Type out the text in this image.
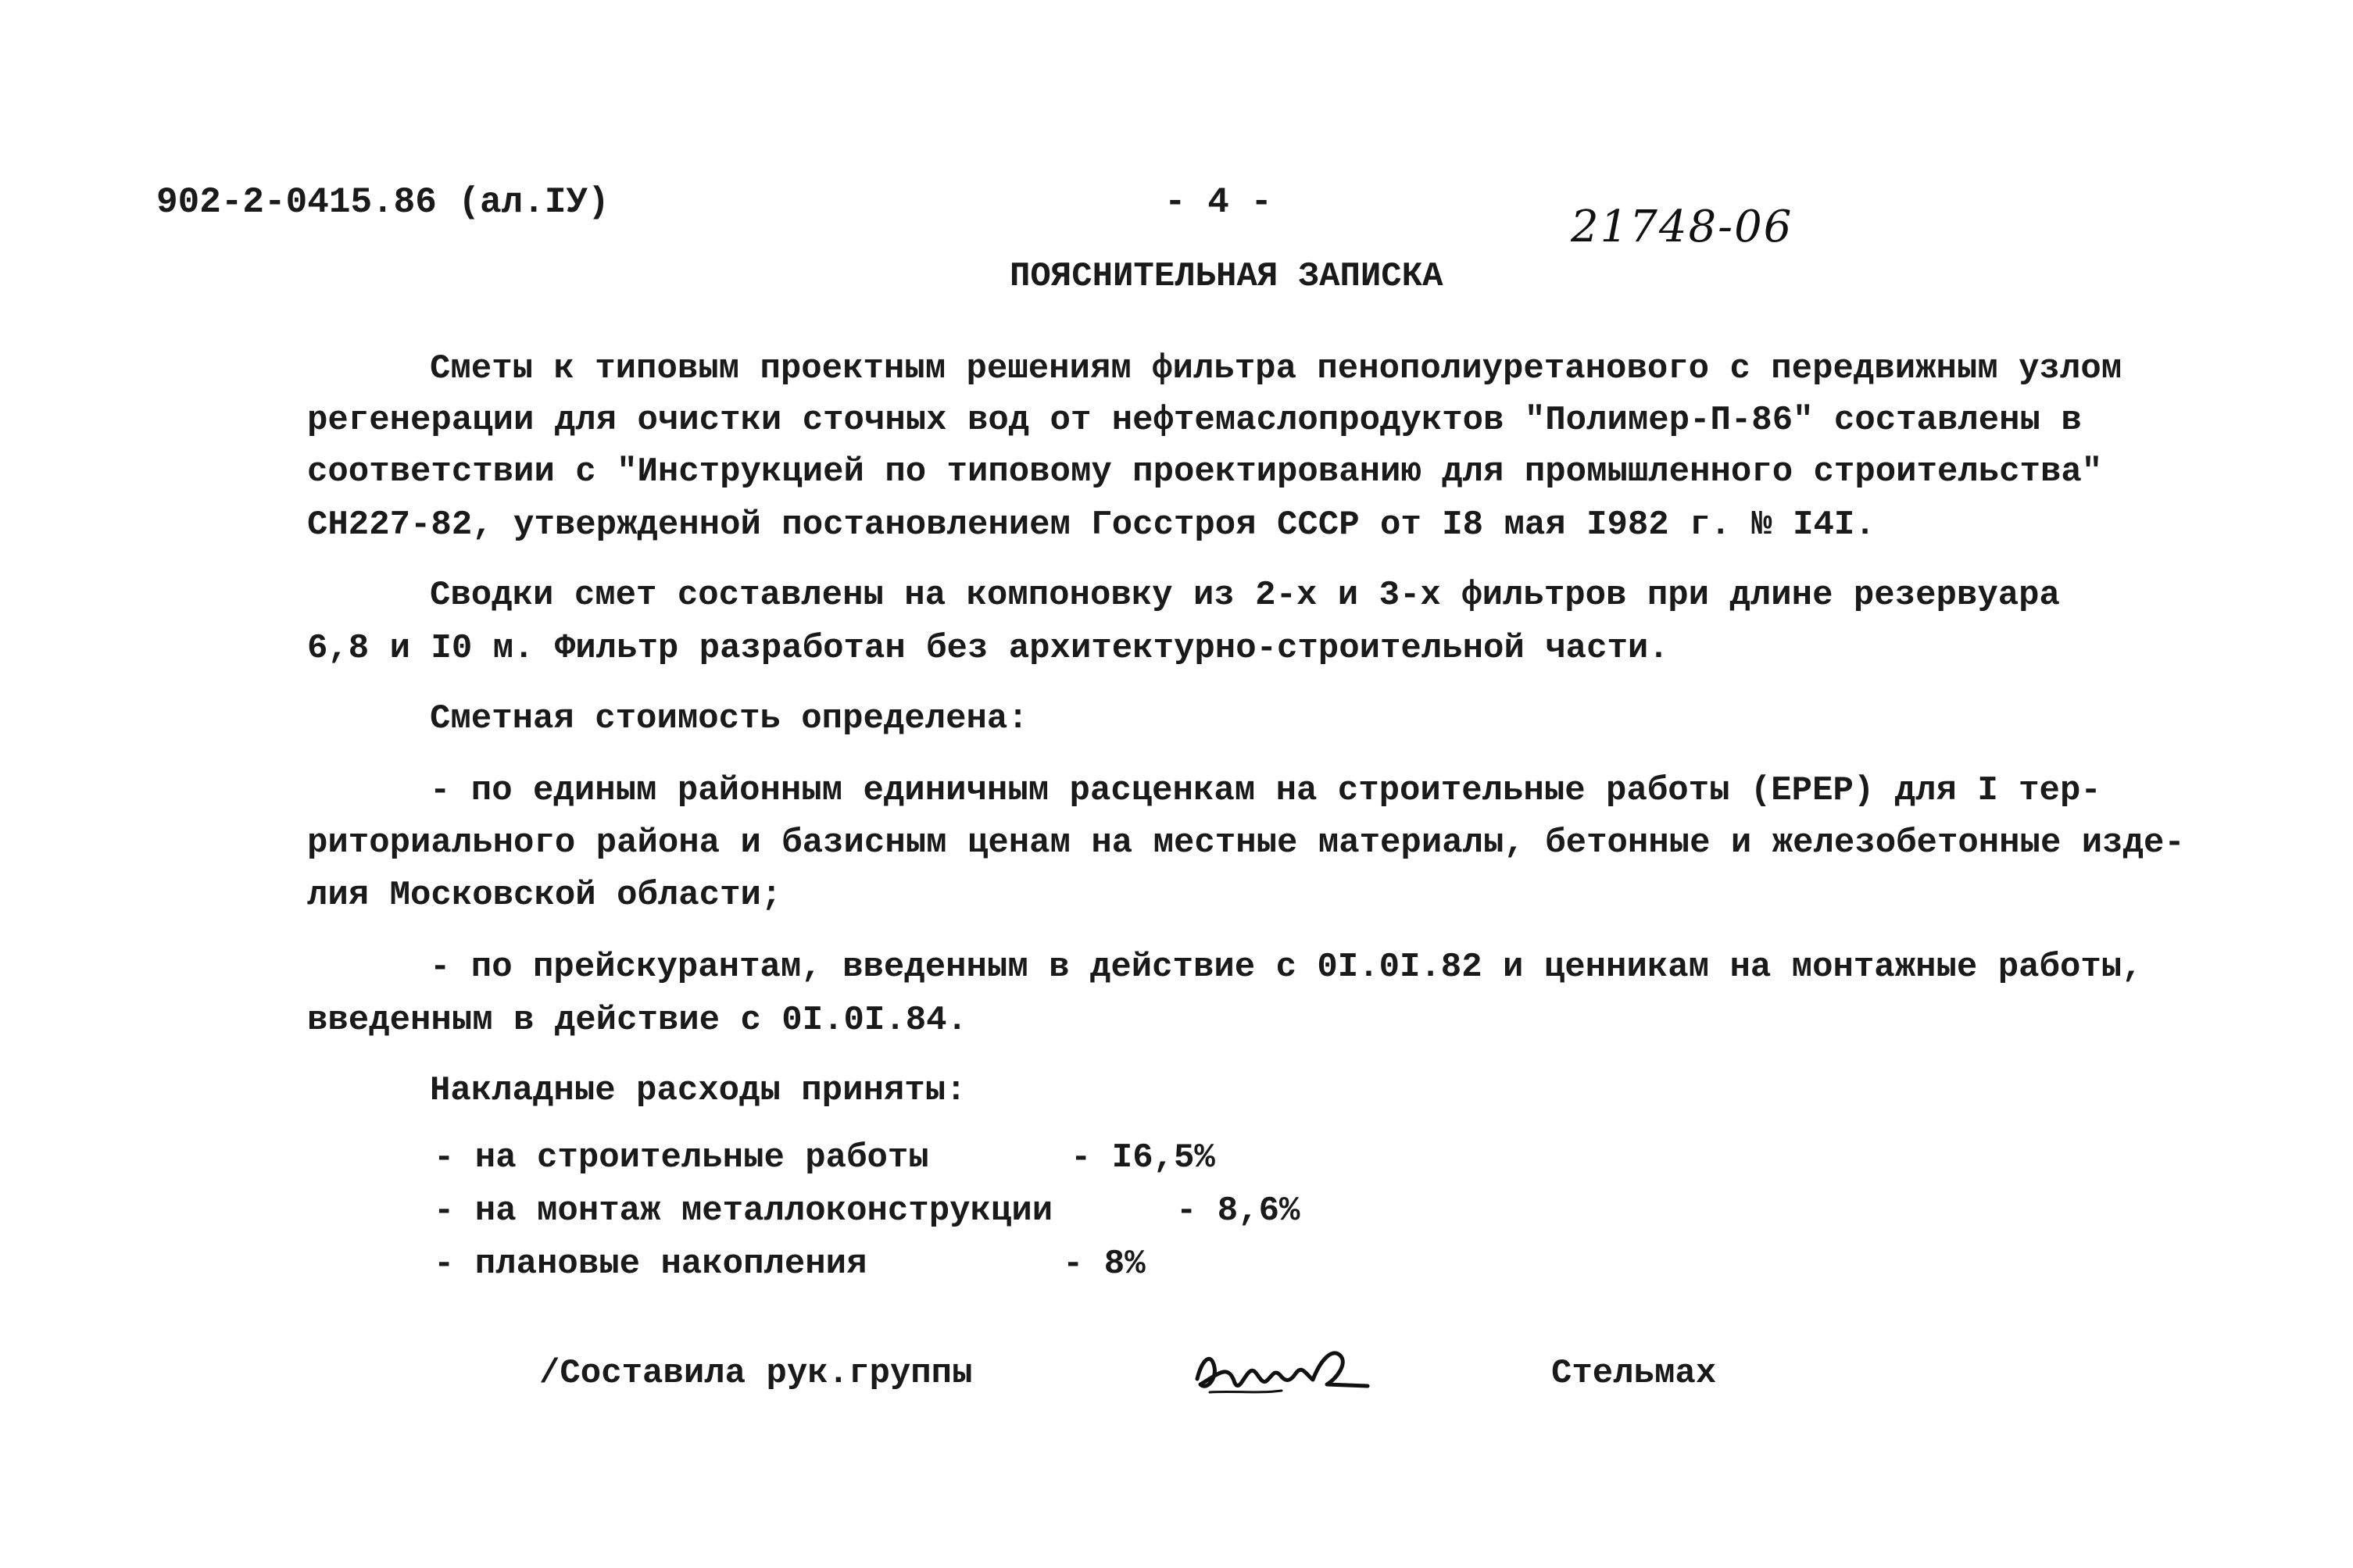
902-2-0415.86 (ал.IУ)	- 4 -	21748-06
ПОЯСНИТЕЛЬНАЯ ЗАПИСКА
Сметы к типовым проектным решениям фильтра пенополиуретанового с передвижным узлом
регенерации для очистки сточных вод от нефтемаслопродуктов "Полимер-П-86" составлены в
соответствии с "Инструкцией по типовому проектированию для промышленного строительства"
СН227-82, утвержденной постановлением Госстроя СССР от I8 мая I982 г. № I4I.
Сводки смет составлены на компоновку из 2-х и 3-х фильтров при длине резервуара
6,8 и I0 м. Фильтр разработан без архитектурно-строительной части.
Сметная стоимость определена:
- по единым районным единичным расценкам на строительные работы (ЕРЕР) для I тер-
риториального района и базисным ценам на местные материалы, бетонные и железобетонные изде-
лия Московской области;
- по прейскурантам, введенным в действие с 0I.0I.82 и ценникам на монтажные работы,
введенным в действие с 0I.0I.84.
Накладные расходы приняты:
- на строительные работы	- I6,5%
- на монтаж металлоконструкции	- 8,6%
- плановые накопления	- 8%
/Составила рук.группы	Стельмах
